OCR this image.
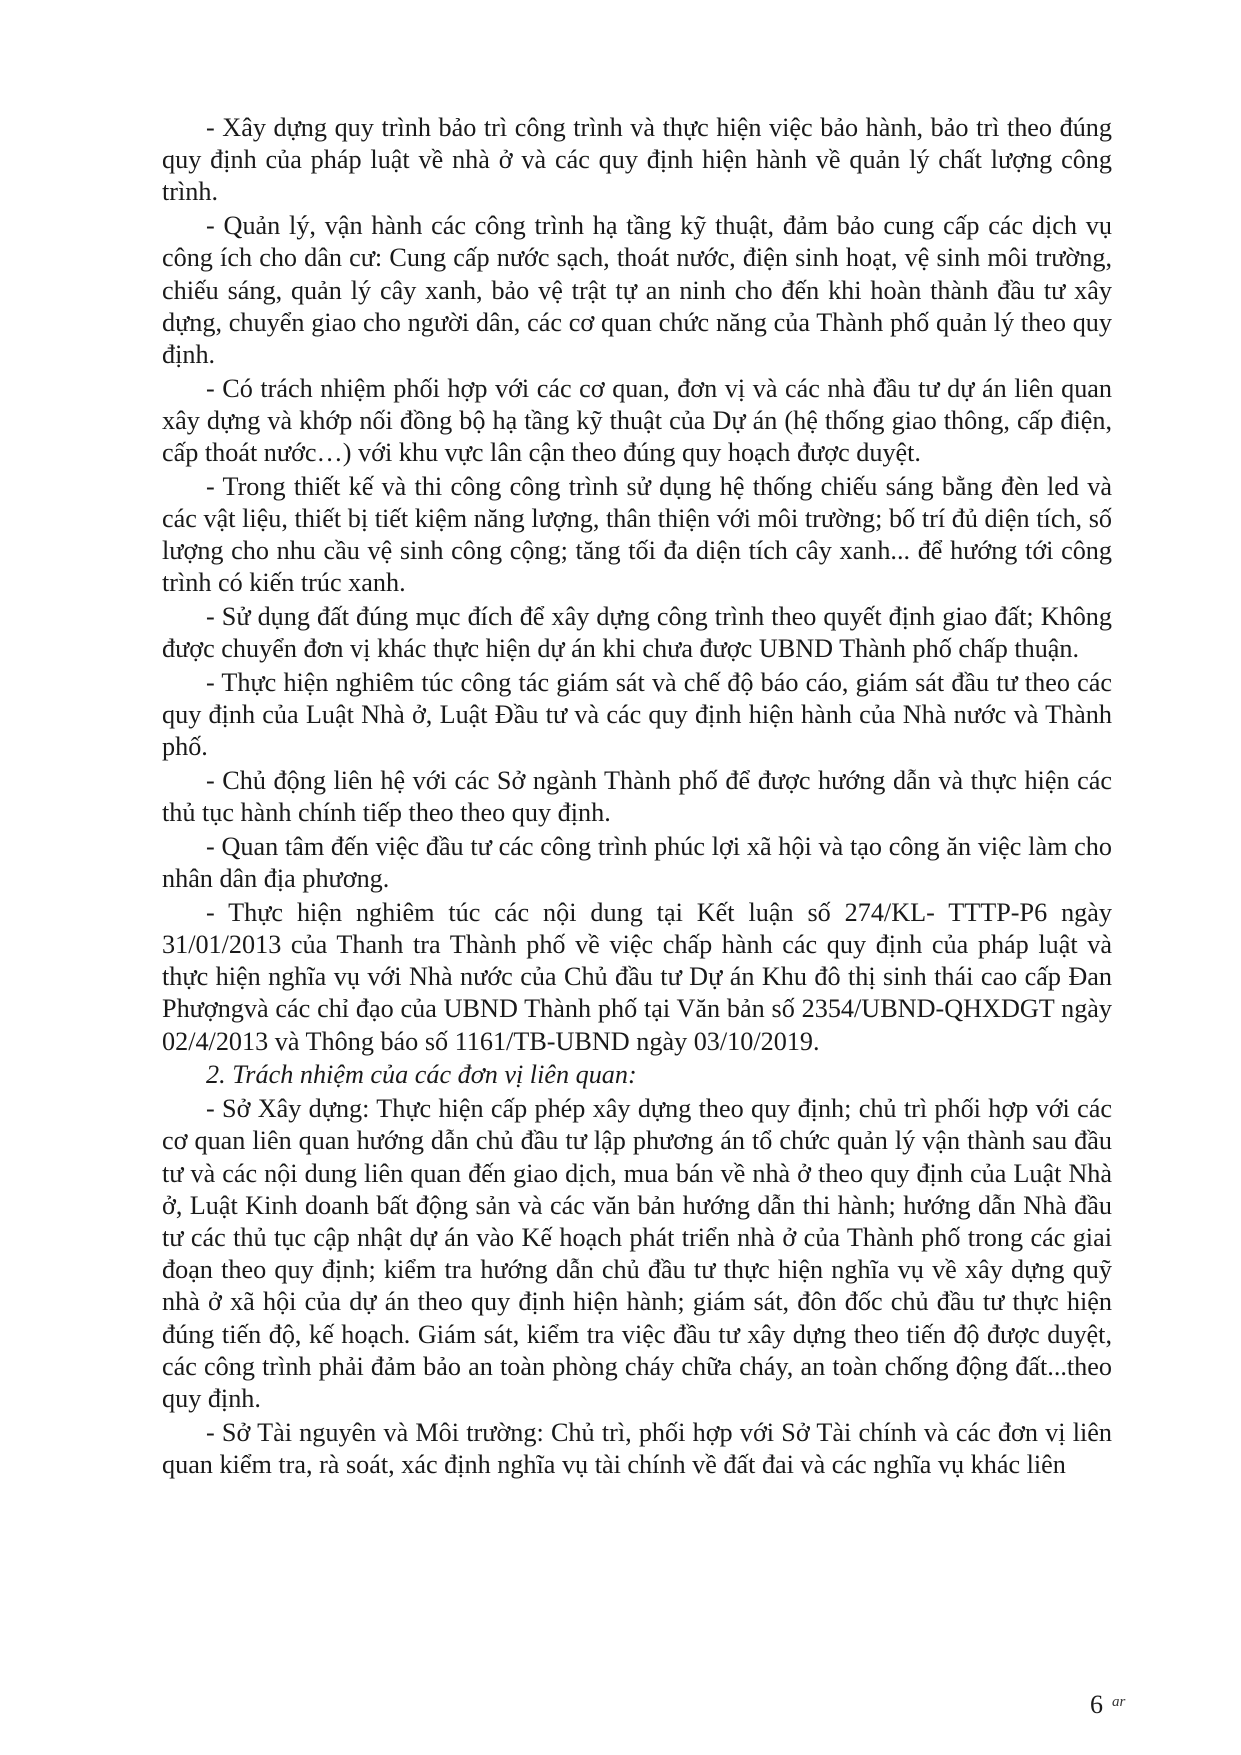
- Xây dựng quy trình bảo trì công trình và thực hiện việc bảo hành, bảo trì theo đúng quy định của pháp luật về nhà ở và các quy định hiện hành về quản lý chất lượng công trình.

- Quản lý, vận hành các công trình hạ tầng kỹ thuật, đảm bảo cung cấp các dịch vụ công ích cho dân cư: Cung cấp nước sạch, thoát nước, điện sinh hoạt, vệ sinh môi trường, chiếu sáng, quản lý cây xanh, bảo vệ trật tự an ninh cho đến khi hoàn thành đầu tư xây dựng, chuyển giao cho người dân, các cơ quan chức năng của Thành phố quản lý theo quy định.

- Có trách nhiệm phối hợp với các cơ quan, đơn vị và các nhà đầu tư dự án liên quan xây dựng và khớp nối đồng bộ hạ tầng kỹ thuật của Dự án (hệ thống giao thông, cấp điện, cấp thoát nước…) với khu vực lân cận theo đúng quy hoạch được duyệt.

- Trong thiết kế và thi công công trình sử dụng hệ thống chiếu sáng bằng đèn led và các vật liệu, thiết bị tiết kiệm năng lượng, thân thiện với môi trường; bố trí đủ diện tích, số lượng cho nhu cầu vệ sinh công cộng; tăng tối đa diện tích cây xanh... để hướng tới công trình có kiến trúc xanh.

- Sử dụng đất đúng mục đích để xây dựng công trình theo quyết định giao đất; Không được chuyển đơn vị khác thực hiện dự án khi chưa được UBND Thành phố chấp thuận.

- Thực hiện nghiêm túc công tác giám sát và chế độ báo cáo, giám sát đầu tư theo các quy định của Luật Nhà ở, Luật Đầu tư và các quy định hiện hành của Nhà nước và Thành phố.

- Chủ động liên hệ với các Sở ngành Thành phố để được hướng dẫn và thực hiện các thủ tục hành chính tiếp theo theo quy định.

- Quan tâm đến việc đầu tư các công trình phúc lợi xã hội và tạo công ăn việc làm cho nhân dân địa phương.

- Thực hiện nghiêm túc các nội dung tại Kết luận số 274/KL- TTTP-P6 ngày 31/01/2013 của Thanh tra Thành phố về việc chấp hành các quy định của pháp luật và thực hiện nghĩa vụ với Nhà nước của Chủ đầu tư Dự án Khu đô thị sinh thái cao cấp Đan Phượngvà các chỉ đạo của UBND Thành phố tại Văn bản số 2354/UBND-QHXDGT ngày 02/4/2013 và Thông báo số 1161/TB-UBND ngày 03/10/2019.

2. Trách nhiệm của các đơn vị liên quan:

- Sở Xây dựng: Thực hiện cấp phép xây dựng theo quy định; chủ trì phối hợp với các cơ quan liên quan hướng dẫn chủ đầu tư lập phương án tổ chức quản lý vận thành sau đầu tư và các nội dung liên quan đến giao dịch, mua bán về nhà ở theo quy định của Luật Nhà ở, Luật Kinh doanh bất động sản và các văn bản hướng dẫn thi hành; hướng dẫn Nhà đầu tư các thủ tục cập nhật dự án vào Kế hoạch phát triển nhà ở của Thành phố trong các giai đoạn theo quy định; kiểm tra hướng dẫn chủ đầu tư thực hiện nghĩa vụ về xây dựng quỹ nhà ở xã hội của dự án theo quy định hiện hành; giám sát, đôn đốc chủ đầu tư thực hiện đúng tiến độ, kế hoạch. Giám sát, kiểm tra việc đầu tư xây dựng theo tiến độ được duyệt, các công trình phải đảm bảo an toàn phòng cháy chữa cháy, an toàn chống động đất...theo quy định.

- Sở Tài nguyên và Môi trường: Chủ trì, phối hợp với Sở Tài chính và các đơn vị liên quan kiểm tra, rà soát, xác định nghĩa vụ tài chính về đất đai và các nghĩa vụ khác liên

6 ar
